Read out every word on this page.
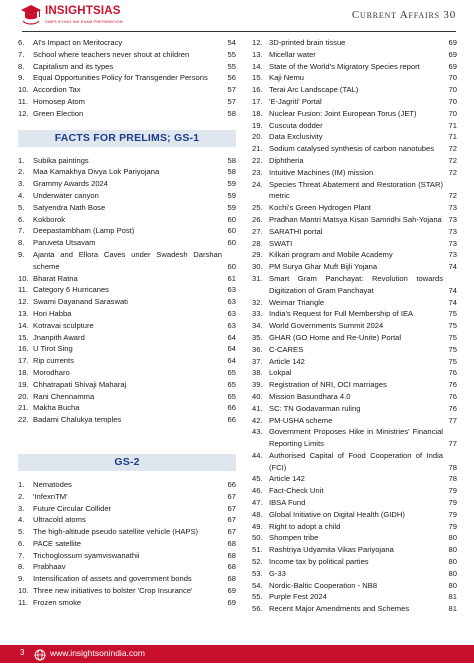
INSIGHTSIAS
SIMPLIFYING IAS EXAM PREPARATION
Current Affairs 30
6.	AI's Impact on Meritocracy	54
7.	School where teachers never shout at children	55
8.	Capitalism and its types	55
9.	Equal Opportunities Policy for Transgender Persons	56
10. Accordion Tax	57
11. Homosep Atom	57
12. Green Election	58
FACTS FOR PRELIMS; GS-1
1.	Subika paintings	58
2.	Maa Kamakhya Divya Lok Pariyojana	58
3.	Grammy Awards 2024	59
4.	Underwater canyon	59
5.	Satyendra Nath Bose	59
6.	Kokborok	60
7.	Deepastambham (Lamp Post)	60
8.	Paruveta Utsavam	60
9.	Ajanta and Ellora Caves under Swadesh Darshan scheme	60
10. Bharat Ratna	61
11. Category 6 Hurricanes	63
12. Swami Dayanand Saraswati	63
13. Hori Habba	63
14. Kotravai sculpture	63
15. Jnanpith Award	64
16. U Tirot Sing	64
17. Rip currents	64
18. Morodharo	65
19. Chhatrapati Shivaji Maharaj	65
20. Rani Chennamma	65
21. Makha Bucha	66
22. Badami Chalukya temples	66
GS-2
1.	Nematodes	66
2.	'InfexnTM'	67
3.	Future Circular Collider	67
4.	Ultracold atoms	67
5.	The high-altitude pseudo satellite vehicle (HAPS)	67
6.	PACE satellite	68
7.	Trichoglossum syamviswanathii	68
8.	Prabhaav	68
9.	Intensification of assets and government bonds	68
10. Three new initiatives to bolster 'Crop Insurance'	69
11. Frozen smoke	69
12. 3D-printed brain tissue	69
13. Micellar water	69
14. State of the World's Migratory Species report	69
15. Kaji Nemu	70
16. Terai Arc Landscape (TAL)	70
17. 'E-Jagriti' Portal	70
18. Nuclear Fusion: Joint European Torus (JET)	70
19. Cuscuta dodder	71
20. Data Exclusivity	71
21. Sodium catalysed synthesis of carbon nanotubes	72
22. Diphtheria	72
23. Intuitive Machines (IM) mission	72
24. Species Threat Abatement and Restoration (STAR) metric	72
25. Kochi's Green Hydrogen Plant	73
26. Pradhan Mantri Matsya Kisan Samridhi Sah-Yojana 73
27. SARATHI portal	73
28. SWATI	73
29. Kilkari program and Mobile Academy	73
30. PM Surya Ghar Muft Bijli Yojana	74
31. Smart Gram Panchayat: Revolution towards Digitization of Gram Panchayat	74
32. Weimar Triangle	74
33. India's Request for Full Membership of IEA	75
34. World Governments Summit 2024	75
35. GHAR (GO Home and Re-Unite) Portal	75
36. C-CARES	75
37. Article 142	75
38. Lokpal	76
39. Registration of NRI, OCI marriages	76
40. Mission Basundhara 4.0	76
41. SC: TN Godavarman ruling	76
42. PM-USHA scheme	77
43. Government Proposes Hike in Ministries' Financial Reporting Limits	77
44. Authorised Capital of Food Cooperation of India (FCI)	78
45. Article 142	78
46. Fact-Check Unit	79
47. IBSA Fund	79
48. Global Initiative on Digital Health (GIDH)	79
49. Right to adopt a child	79
50. Shompen tribe	80
51. Rashtriya Udyamita Vikas Pariyojana	80
52. Income tax by political parties	80
53. G-33	80
54. Nordic-Baltic Cooperation - NB8	80
55. Purple Fest 2024	81
56. Recent Major Amendments and Schemes	81
3	www.insightsonindia.com
